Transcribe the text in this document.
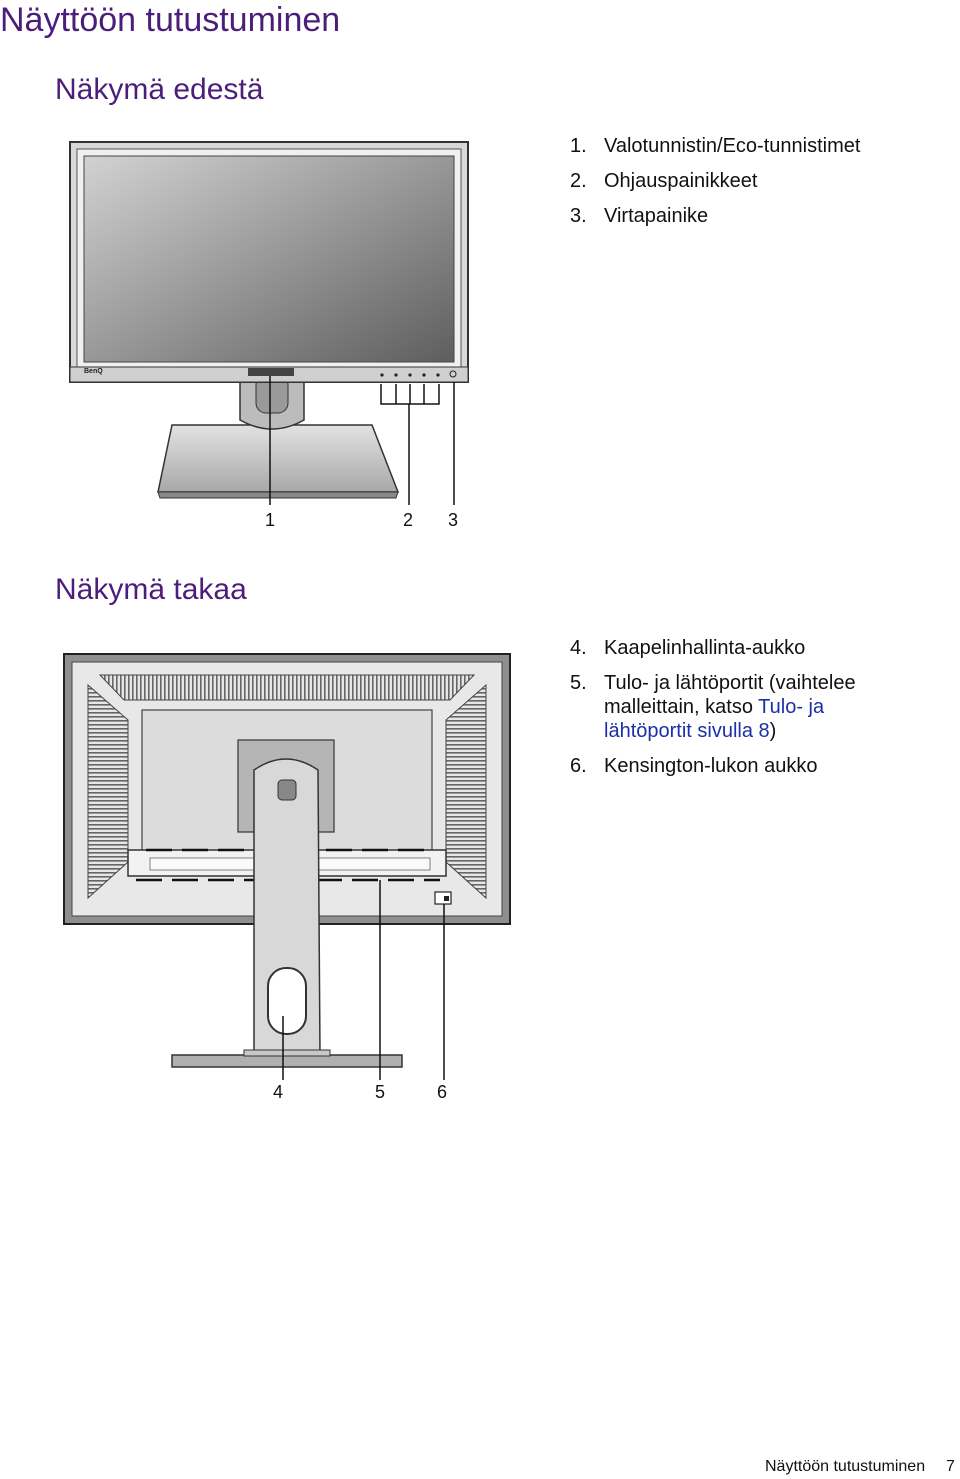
Näyttöön tutustuminen
Näkymä edestä
1. Valotunnistin/Eco-tunnistimet
2. Ohjauspainikkeet
3. Virtapainike
BenQ
1	2 3
Näkymä takaa
4. Kaapelinhallinta-aukko
5. Tulo- ja lähtöportit (vaihtelee
malleittain, katso Tulo- ja
lähtöportit sivulla 8)
6. Kensington-lukon aukko
4	5	6
Näyttöön tutustuminen 7
